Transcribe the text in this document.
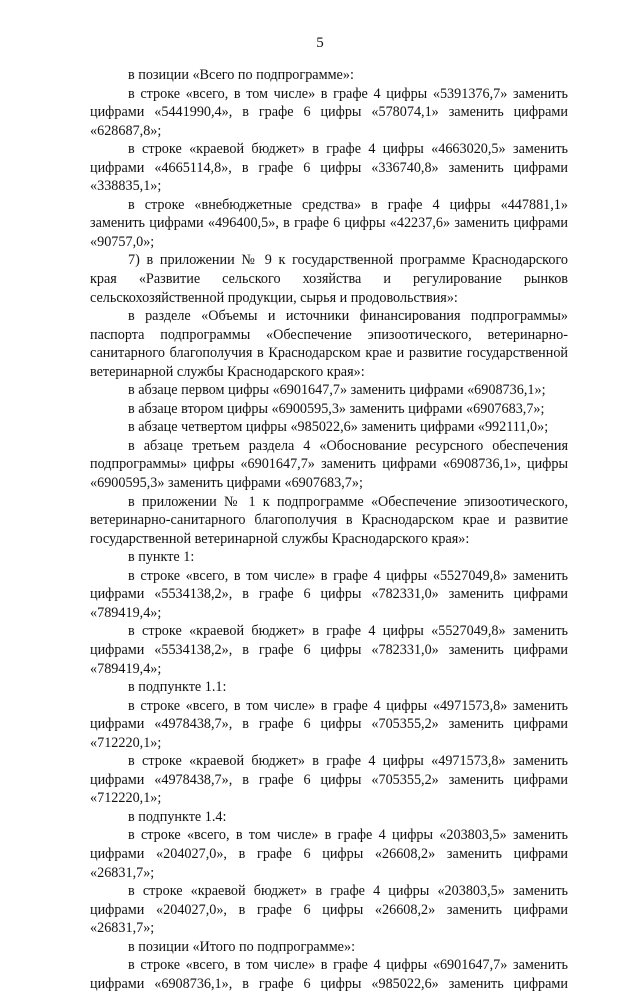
5

в позиции «Всего по подпрограмме»:

в строке «всего, в том числе» в графе 4 цифры «5391376,7» заменить цифрами «5441990,4», в графе 6 цифры «578074,1» заменить цифрами «628687,8»;

в строке «краевой бюджет» в графе 4 цифры «4663020,5» заменить цифрами «4665114,8», в графе 6 цифры «336740,8» заменить цифрами «338835,1»;

в строке «внебюджетные средства» в графе 4 цифры «447881,1» заменить цифрами «496400,5», в графе 6 цифры «42237,6» заменить цифрами «90757,0»;

7) в приложении № 9 к государственной программе Краснодарского края «Развитие сельского хозяйства и регулирование рынков сельскохозяйственной продукции, сырья и продовольствия»:

в разделе «Объемы и источники финансирования подпрограммы» паспорта подпрограммы «Обеспечение эпизоотического, ветеринарно-санитарного благополучия в Краснодарском крае и развитие государственной ветеринарной службы Краснодарского края»:

в абзаце первом цифры «6901647,7» заменить цифрами «6908736,1»;

в абзаце втором цифры «6900595,3» заменить цифрами «6907683,7»;

в абзаце четвертом цифры «985022,6» заменить цифрами «992111,0»;

в абзаце третьем раздела 4 «Обоснование ресурсного обеспечения подпрограммы» цифры «6901647,7» заменить цифрами «6908736,1», цифры «6900595,3» заменить цифрами «6907683,7»;

в приложении № 1 к подпрограмме «Обеспечение эпизоотического, ветеринарно-санитарного благополучия в Краснодарском крае и развитие государственной ветеринарной службы Краснодарского края»:

в пункте 1:

в строке «всего, в том числе» в графе 4 цифры «5527049,8» заменить цифрами «5534138,2», в графе 6 цифры «782331,0» заменить цифрами «789419,4»;

в строке «краевой бюджет» в графе 4 цифры «5527049,8» заменить цифрами «5534138,2», в графе 6 цифры «782331,0» заменить цифрами «789419,4»;

в подпункте 1.1:

в строке «всего, в том числе» в графе 4 цифры «4971573,8» заменить цифрами «4978438,7», в графе 6 цифры «705355,2» заменить цифрами «712220,1»;

в строке «краевой бюджет» в графе 4 цифры «4971573,8» заменить цифрами «4978438,7», в графе 6 цифры «705355,2» заменить цифрами «712220,1»;

в подпункте 1.4:

в строке «всего, в том числе» в графе 4 цифры «203803,5» заменить цифрами «204027,0», в графе 6 цифры «26608,2» заменить цифрами «26831,7»;

в строке «краевой бюджет» в графе 4 цифры «203803,5» заменить цифрами «204027,0», в графе 6 цифры «26608,2» заменить цифрами «26831,7»;

в позиции «Итого по подпрограмме»:

в строке «всего, в том числе» в графе 4 цифры «6901647,7» заменить цифрами «6908736,1», в графе 6 цифры «985022,6» заменить цифрами
